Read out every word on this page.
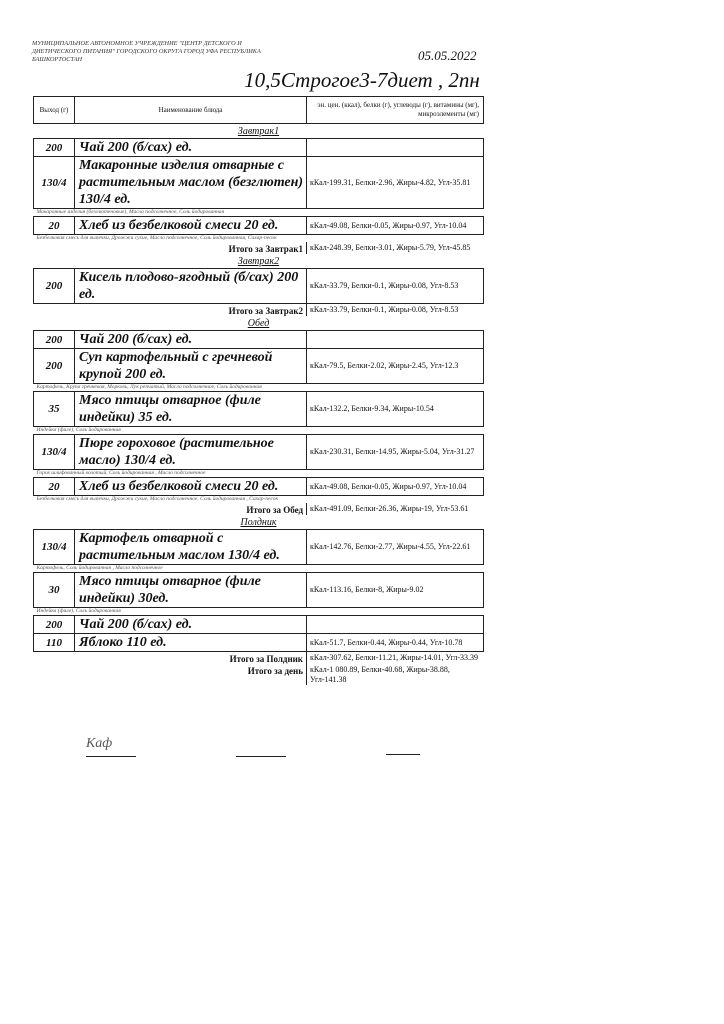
МУНИЦИПАЛЬНОЕ АВТОНОМНОЕ УЧРЕЖДЕНИЕ "ЦЕНТР ДЕТСКОГО И
ДИЕТИЧЕСКОГО ПИТАНИЯ" ГОРОДСКОГО ОКРУГА ГОРОД УФА РЕСПУБЛИКА
БАШКОРТОСТАН	05.05.2022
10,5Строгое3-7диет , 2пн
Выход (г)	Наименование блюда	эн. цен. (ккал), белки (г), углеводы (г), витамины (мг), микроэлементы (мг)
Завтрак1		
200	Чай 200 (б/сах) ед.	
130/4	Макаронные изделия отварные с растительным маслом (безглютен) 130/4 ед.	кКал-199.31, Белки-2.96, Жиры-4.82, Угл-35.81
Макаронные изделия (безглютеновые), Масло подсолнечное, Соль йодированная		
20	Хлеб из безбелковой смеси 20 ед.	кКал-49.08, Белки-0.05, Жиры-0.97, Угл-10.04
Безбелковая смесь для выпечки, Дрожжи сухие, Масло подсолнечное, Соль йодированная, Сахар-песок		
Итого за Завтрак1		кКал-248.39, Белки-3.01, Жиры-5.79, Угл-45.85
Завтрак2		
200	Кисель плодово-ягодный (б/сах) 200 ед.	кКал-33.79, Белки-0.1, Жиры-0.08, Угл-8.53
Итого за Завтрак2		кКал-33.79, Белки-0.1, Жиры-0.08, Угл-8.53
Обед		
200	Чай 200 (б/сах) ед.	
200	Суп картофельный с гречневой крупой 200 ед.	кКал-79.5, Белки-2.02, Жиры-2.45, Угл-12.3
Картофель, Крупа гречневая, Морковь, Лук репчатый, Масло подсолнечное, Соль йодированная		
35	Мясо птицы отварное (филе индейки) 35 ед.	кКал-132.2, Белки-9.34, Жиры-10.54
Индейка (филе), Соль йодированная		
130/4	Пюре гороховое (растительное масло) 130/4 ед.	кКал-230.31, Белки-14.95, Жиры-5.04, Угл-31.27
Горох шлифованный колотый, Соль йодированная , Масло подсолнечное		
20	Хлеб из безбелковой смеси 20 ед.	кКал-49.08, Белки-0.05, Жиры-0.97, Угл-10.04
Безбелковая смесь для выпечки, Дрожжи сухие, Масло подсолнечное, Соль йодированная , Сахар-песок		
Итого за Обед		кКал-491.09, Белки-26.36, Жиры-19, Угл-53.61
Полдник		
130/4	Картофель отварной с растительным маслом 130/4 ед.	кКал-142.76, Белки-2.77, Жиры-4.55, Угл-22.61
Картофель, Соль йодированная , Масло подсолнечное		
30	Мясо птицы отварное (филе индейки) 30ед.	кКал-113.16, Белки-8, Жиры-9.02
Индейка (филе), Соль йодированная		
200	Чай 200 (б/сах) ед.	
110	Яблоко 110 ед.	кКал-51.7, Белки-0.44, Жиры-0.44, Угл-10.78
Итого за Полдник		кКал-307.62, Белки-11.21, Жиры-14.01, Угл-33.39
Итого за день		кКал-1 080.89, Белки-40.68, Жиры-38.88, Угл-141.38
Каф
